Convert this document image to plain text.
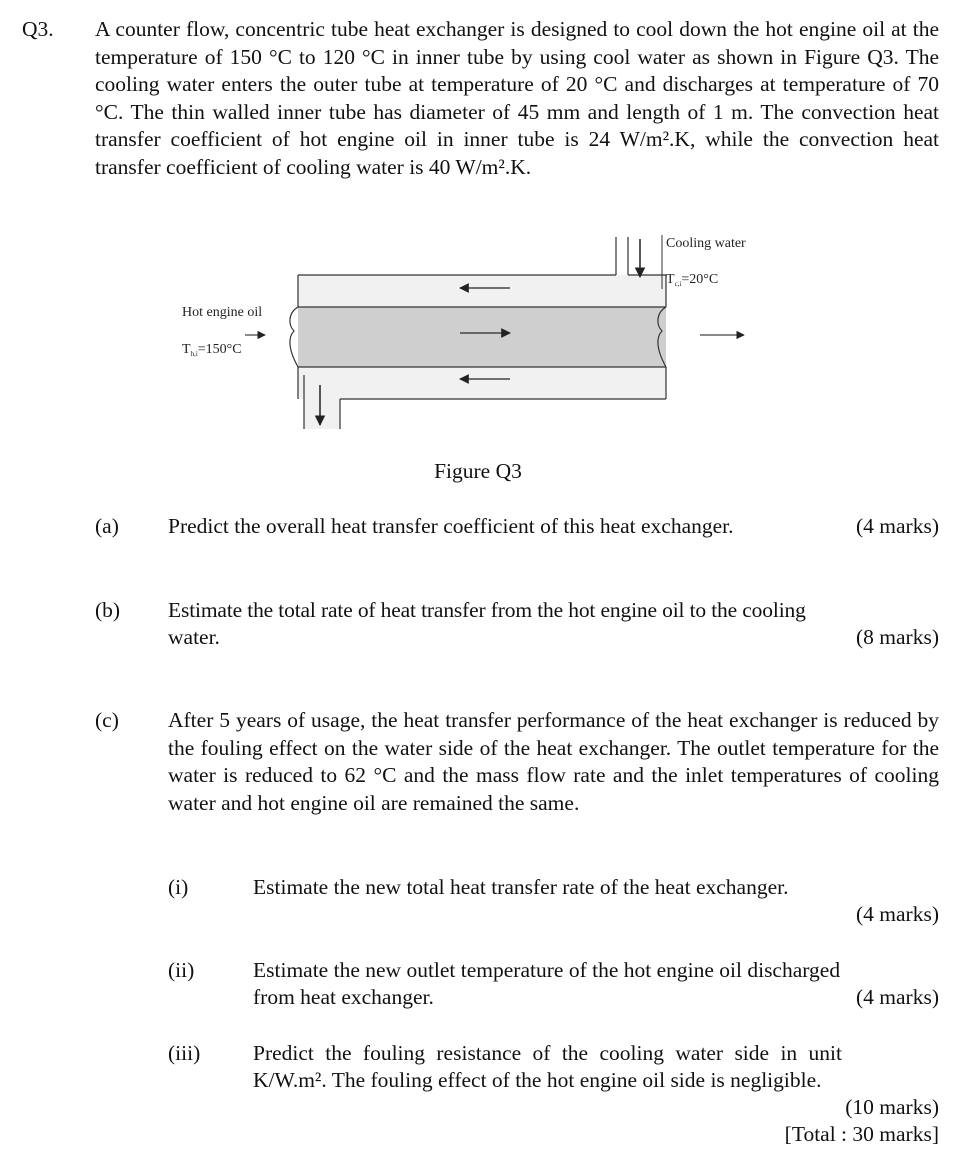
Q3. A counter flow, concentric tube heat exchanger is designed to cool down the hot engine oil at the temperature of 150 °C to 120 °C in inner tube by using cool water as shown in Figure Q3. The cooling water enters the outer tube at temperature of 20 °C and discharges at temperature of 70 °C. The thin walled inner tube has diameter of 45 mm and length of 1 m. The convection heat transfer coefficient of hot engine oil in inner tube is 24 W/m².K, while the convection heat transfer coefficient of cooling water is 40 W/m².K.
Cooling water
$T_{c,i}=20^\circ C$
Hot engine oil
$T_{h,i}=150^\circ C$
Figure Q3
(a) Predict the overall heat transfer coefficient of this heat exchanger.	(4 marks)
(b) Estimate the total rate of heat transfer from the hot engine oil to the cooling
water.	(8 marks)
(c) After 5 years of usage, the heat transfer performance of the heat exchanger is reduced by the fouling effect on the water side of the heat exchanger. The outlet temperature for the water is reduced to 62 °C and the mass flow rate and the inlet temperatures of cooling water and hot engine oil are remained the same.
(i)	Estimate the new total heat transfer rate of the heat exchanger.
(4 marks)
(ii)	Estimate the new outlet temperature of the hot engine oil discharged
from heat exchanger.	(4 marks)
(iii) Predict the fouling resistance of the cooling water side in unit
K/W.m². The fouling effect of the hot engine oil side is negligible.
(10 marks)
[Total : 30 marks]
